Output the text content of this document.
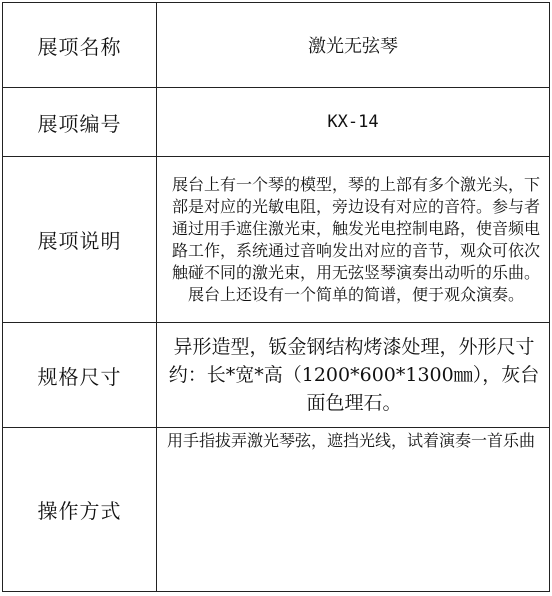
展项名称	激光无弦琴

展项编号	KX-14

展项说明	展台上有一个琴的模型，琴的上部有多个激光头，下部是对应的光敏电阻，旁边设有对应的音符。参与者通过用手遮住激光束，触发光电控制电路，使音频电路工作，系统通过音响发出对应的音节，观众可依次触碰不同的激光束，用无弦竖琴演奏出动听的乐曲。展台上还设有一个简单的简谱，便于观众演奏。

规格尺寸	异形造型，钣金钢结构烤漆处理，外形尺寸约：长*宽*高（1200*600*1300㎜），灰台面色理石。

操作方式	用手指拔弄激光琴弦，遮挡光线，试着演奏一首乐曲
